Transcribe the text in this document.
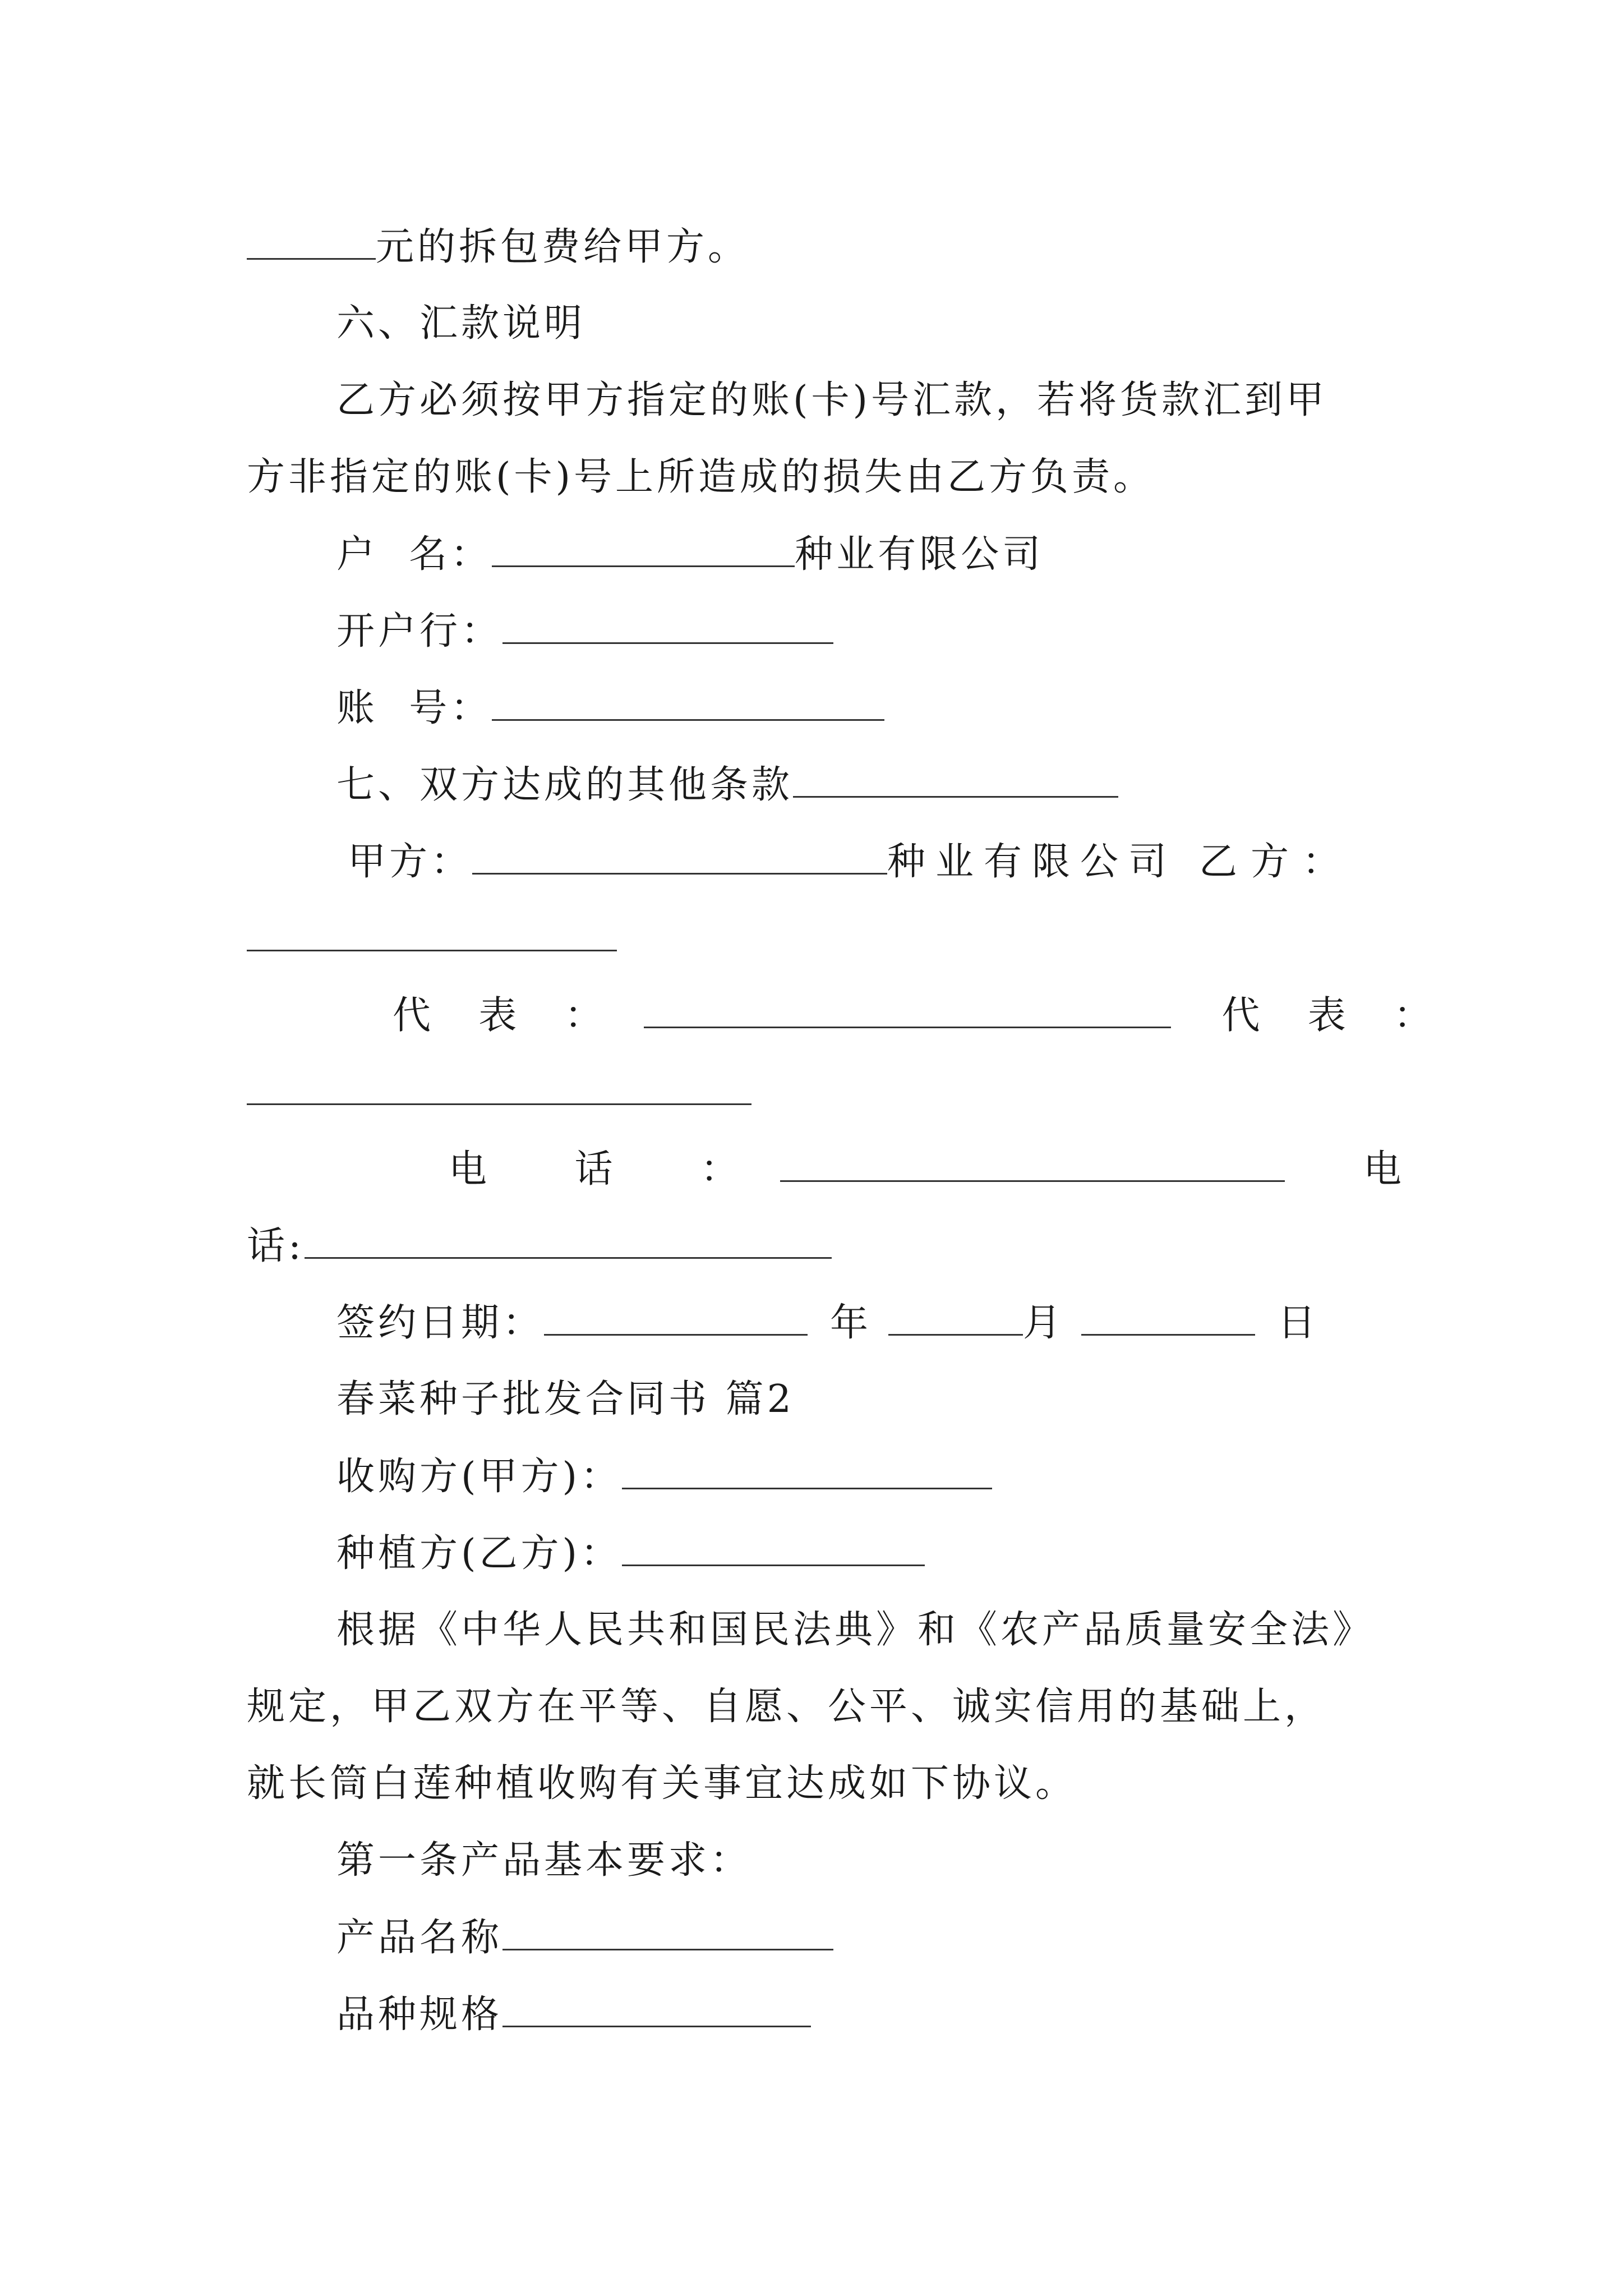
元的拆包费给甲方。
六、汇款说明
乙方必须按甲方指定的账(卡)号汇款，若将货款汇到甲
方非指定的账(卡)号上所造成的损失由乙方负责。
户  名：	种业有限公司
开户行：
账  号：
七、双方达成的其他条款
甲方：	种业有限公司 乙方：
代  表  ：	代  表  ：
电    话    ：	电
话:
签约日期：	年	月	日
春菜种子批发合同书 篇2
收购方(甲方)：
种植方(乙方)：
根据《中华人民共和国民法典》和《农产品质量安全法》
规定，甲乙双方在平等、自愿、公平、诚实信用的基础上，
就长筒白莲种植收购有关事宜达成如下协议。
第一条产品基本要求：
产品名称
品种规格
